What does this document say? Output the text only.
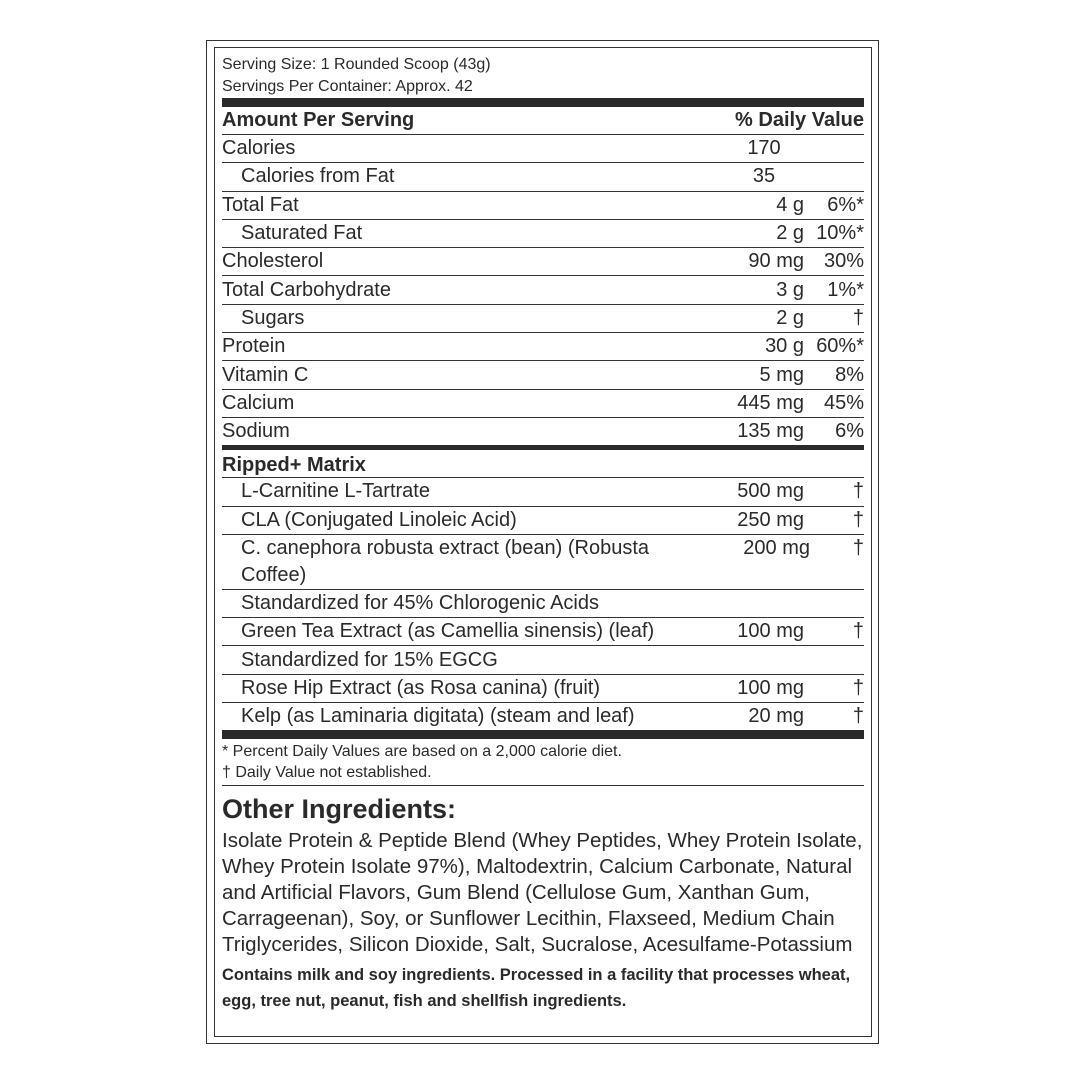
Serving Size: 1 Rounded Scoop (43g)
Servings Per Container: Approx. 42
Amount Per Serving	% Daily Value
Calories	170
Calories from Fat	35
Total Fat	4 g	6%*
Saturated Fat	2 g 10%*
Cholesterol	90 mg 30%
Total Carbohydrate	3 g	1%*
Sugars	2 g	†
Protein	30 g 60%*
Vitamin C	5 mg	8%
Calcium	445 mg 45%
Sodium	135 mg	6%
Ripped+ Matrix
L-Carnitine L-Tartrate	500 mg	†
CLA (Conjugated Linoleic Acid)	250 mg	†
C. canephora robusta extract (bean) (Robusta Coffee)
200 mg	†
Standardized for 45% Chlorogenic Acids
Green Tea Extract (as Camellia sinensis) (leaf)	100 mg	†
Standardized for 15% EGCG
Rose Hip Extract (as Rosa canina) (fruit)	100 mg	†
Kelp (as Laminaria digitata) (steam and leaf)	20 mg	†
* Percent Daily Values are based on a 2,000 calorie diet.
† Daily Value not established.
Other Ingredients:
Isolate Protein & Peptide Blend (Whey Peptides, Whey Protein Isolate, Whey Protein Isolate 97%), Maltodextrin, Calcium Carbonate, Natural and Artificial Flavors, Gum Blend (Cellulose Gum, Xanthan Gum, Carrageenan), Soy, or Sunflower Lecithin, Flaxseed, Medium Chain Triglycerides, Silicon Dioxide, Salt, Sucralose, Acesulfame-Potassium
Contains milk and soy ingredients. Processed in a facility that processes wheat, egg, tree nut, peanut, fish and shellfish ingredients.
